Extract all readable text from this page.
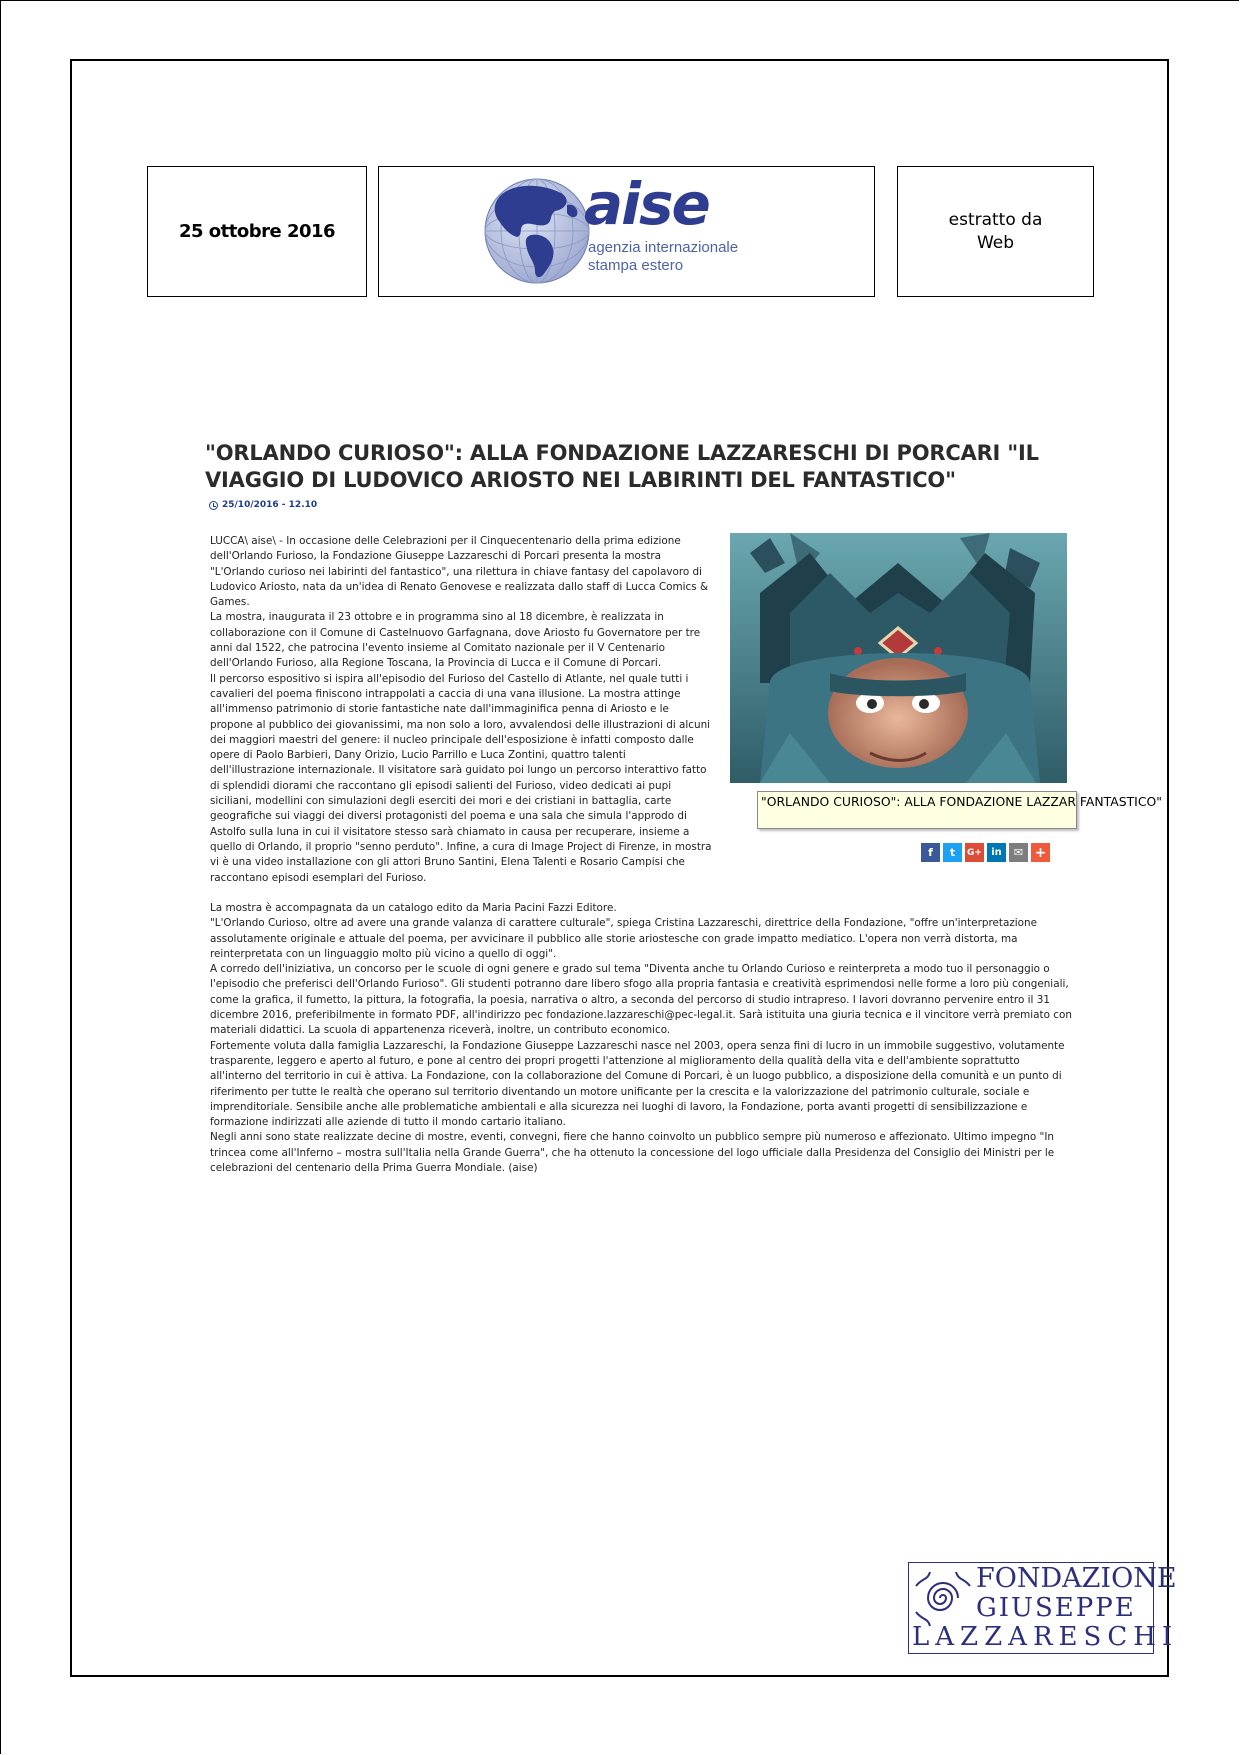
25 ottobre 2016	aise
agenzia internazionale
stampa estero
estratto da
Web
"ORLANDO CURIOSO": ALLA FONDAZIONE LAZZARESCHI DI PORCARI "IL VIAGGIO DI LUDOVICO ARIOSTO NEI LABIRINTI DEL FANTASTICO"
25/10/2016 - 12.10

LUCCA\ aise\ - In occasione delle Celebrazioni per il Cinquecentenario della prima edizione dell'Orlando Furioso, la Fondazione Giuseppe Lazzareschi di Porcari presenta la mostra "L'Orlando curioso nei labirinti del fantastico", una rilettura in chiave fantasy del capolavoro di Ludovico Ariosto, nata da un'idea di Renato Genovese e realizzata dallo staff di Lucca Comics & Games.

La mostra, inaugurata il 23 ottobre e in programma sino al 18 dicembre, è realizzata in collaborazione con il Comune di Castelnuovo Garfagnana, dove Ariosto fu Governatore per tre anni dal 1522, che patrocina l'evento insieme al Comitato nazionale per il V Centenario dell'Orlando Furioso, alla Regione Toscana, la Provincia di Lucca e il Comune di Porcari.

Il percorso espositivo si ispira all'episodio del Furioso del Castello di Atlante, nel quale tutti i cavalieri del poema finiscono intrappolati a caccia di una vana illusione. La mostra attinge all'immenso patrimonio di storie fantastiche nate dall'immaginifica penna di Ariosto e le propone al pubblico dei giovanissimi, ma non solo a loro, avvalendosi delle illustrazioni di alcuni dei maggiori maestri del genere: il nucleo principale dell'esposizione è infatti composto dalle opere di Paolo Barbieri, Dany Orizio, Lucio Parrillo e Luca Zontini, quattro talenti dell'illustrazione internazionale. Il visitatore sarà guidato poi lungo un percorso interattivo fatto di splendidi diorami che raccontano gli episodi salienti del Furioso, video dedicati ai pupi siciliani, modellini con simulazioni degli eserciti dei mori e dei cristiani in battaglia, carte geografiche sui viaggi dei diversi protagonisti del poema e una sala che simula l'approdo di Astolfo sulla luna in cui il visitatore stesso sarà chiamato in causa per recuperare, insieme a quello di Orlando, il proprio "senno perduto". Infine, a cura di Image Project di Firenze, in mostra vi è una video installazione con gli attori Bruno Santini, Elena Talenti e Rosario Campisi che raccontano episodi esemplari del Furioso.

"ORLANDO CURIOSO": ALLA FONDAZIONE LAZZAR FANTASTICO"
f	t	G+ in	✉ +

La mostra è accompagnata da un catalogo edito da Maria Pacini Fazzi Editore.

"L'Orlando Curioso, oltre ad avere una grande valanza di carattere culturale", spiega Cristina Lazzareschi, direttrice della Fondazione, "offre un'interpretazione assolutamente originale e attuale del poema, per avvicinare il pubblico alle storie ariostesche con grade impatto mediatico. L'opera non verrà distorta, ma reinterpretata con un linguaggio molto più vicino a quello di oggi".

A corredo dell'iniziativa, un concorso per le scuole di ogni genere e grado sul tema "Diventa anche tu Orlando Curioso e reinterpreta a modo tuo il personaggio o l'episodio che preferisci dell'Orlando Furioso". Gli studenti potranno dare libero sfogo alla propria fantasia e creatività esprimendosi nelle forme a loro più congeniali, come la grafica, il fumetto, la pittura, la fotografia, la poesia, narrativa o altro, a seconda del percorso di studio intrapreso. I lavori dovranno pervenire entro il 31 dicembre 2016, preferibilmente in formato PDF, all'indirizzo pec fondazione.lazzareschi@pec-legal.it. Sarà istituita una giuria tecnica e il vincitore verrà premiato con materiali didattici. La scuola di appartenenza riceverà, inoltre, un contributo economico.

Fortemente voluta dalla famiglia Lazzareschi, la Fondazione Giuseppe Lazzareschi nasce nel 2003, opera senza fini di lucro in un immobile suggestivo, volutamente trasparente, leggero e aperto al futuro, e pone al centro dei propri progetti l'attenzione al miglioramento della qualità della vita e dell'ambiente soprattutto all'interno del territorio in cui è attiva. La Fondazione, con la collaborazione del Comune di Porcari, è un luogo pubblico, a disposizione della comunità e un punto di riferimento per tutte le realtà che operano sul territorio diventando un motore unificante per la crescita e la valorizzazione del patrimonio culturale, sociale e imprenditoriale. Sensibile anche alle problematiche ambientali e alla sicurezza nei luoghi di lavoro, la Fondazione, porta avanti progetti di sensibilizzazione e formazione indirizzati alle aziende di tutto il mondo cartario italiano.

Negli anni sono state realizzate decine di mostre, eventi, convegni, fiere che hanno coinvolto un pubblico sempre più numeroso e affezionato. Ultimo impegno "In trincea come all'Inferno – mostra sull'Italia nella Grande Guerra", che ha ottenuto la concessione del logo ufficiale dalla Presidenza del Consiglio dei Ministri per le celebrazioni del centenario della Prima Guerra Mondiale. (aise)

FONDAZIONE
GIUSEPPE
LAZZARESCHI
